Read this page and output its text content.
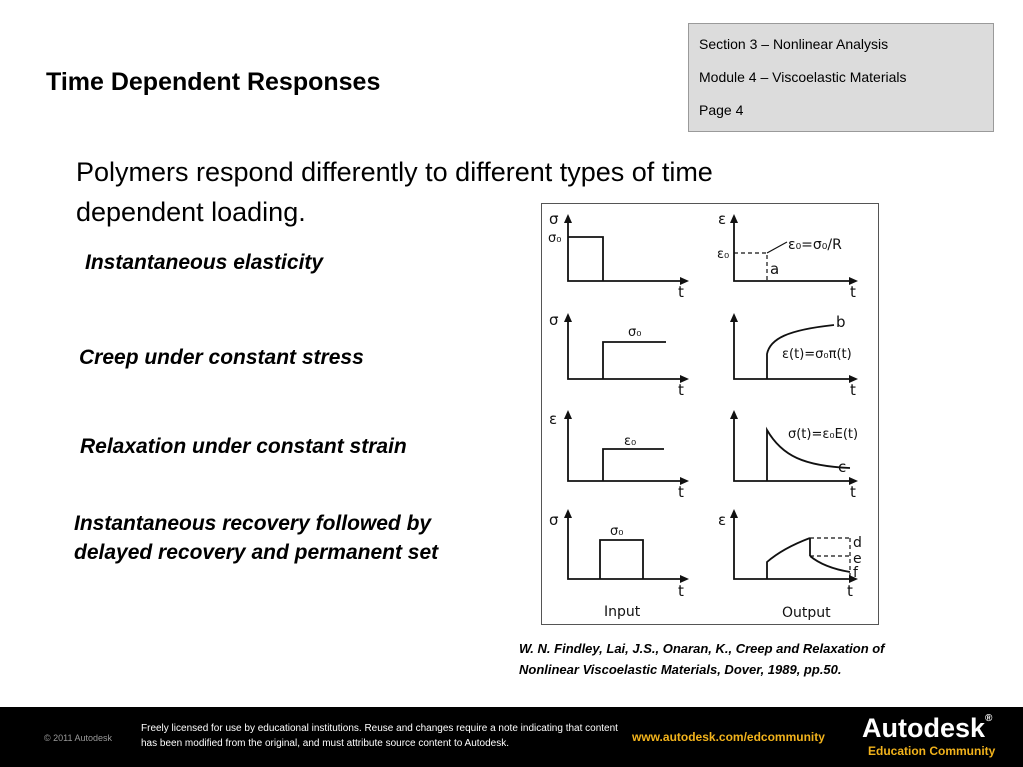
Time Dependent Responses
Section 3 – Nonlinear Analysis
Module 4 – Viscoelastic Materials
Page 4
Polymers respond differently to different types of time dependent loading.
Instantaneous elasticity
Creep under constant stress
Relaxation under constant strain
Instantaneous recovery followed by delayed recovery and permanent set
σ
σ₀
t
ε
ε₀
ε₀=σ₀/R
a
t
σ
σ₀
t
b
ε(t)=σ₀π(t)
t
ε
ε₀
t
σ(t)=ε₀E(t)
c
t
σ
σ₀
t
ε
d
e
f
t
Input	Output
W. N. Findley, Lai, J.S., Onaran, K., Creep and Relaxation of Nonlinear Viscoelastic Materials, Dover, 1989, pp.50.
© 2011 Autodesk
Freely licensed for use by educational institutions. Reuse and changes require a note indicating that content has been modified from the original, and must attribute source content to Autodesk.	www.autodesk.com/edcommunity Autodesk®
Education Community
